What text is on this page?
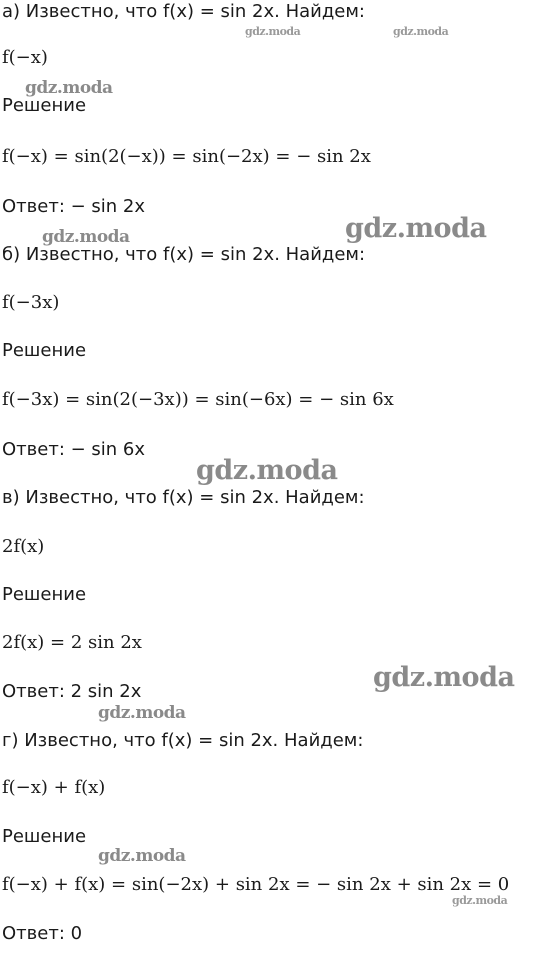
а) Известно, что f(x) = sin 2x. Найдем:
f(−x)
Решение
f(−x) = sin(2(−x)) = sin(−2x) = − sin 2x
Ответ: − sin 2x
б) Известно, что f(x) = sin 2x. Найдем:
f(−3x)
Решение
f(−3x) = sin(2(−3x)) = sin(−6x) = − sin 6x
Ответ: − sin 6x
в) Известно, что f(x) = sin 2x. Найдем:
2f(x)
Решение
2f(x) = 2 sin 2x
Ответ: 2 sin 2x
г) Известно, что f(x) = sin 2x. Найдем:
f(−x) + f(x)
Решение
f(−x) + f(x) = sin(−2x) + sin 2x = − sin 2x + sin 2x = 0
Ответ: 0
gdz.moda	gdz.moda
gdz.moda
gdz.moda
gdz.moda
gdz.moda
gdz.moda
gdz.moda
gdz.moda
gdz.moda
